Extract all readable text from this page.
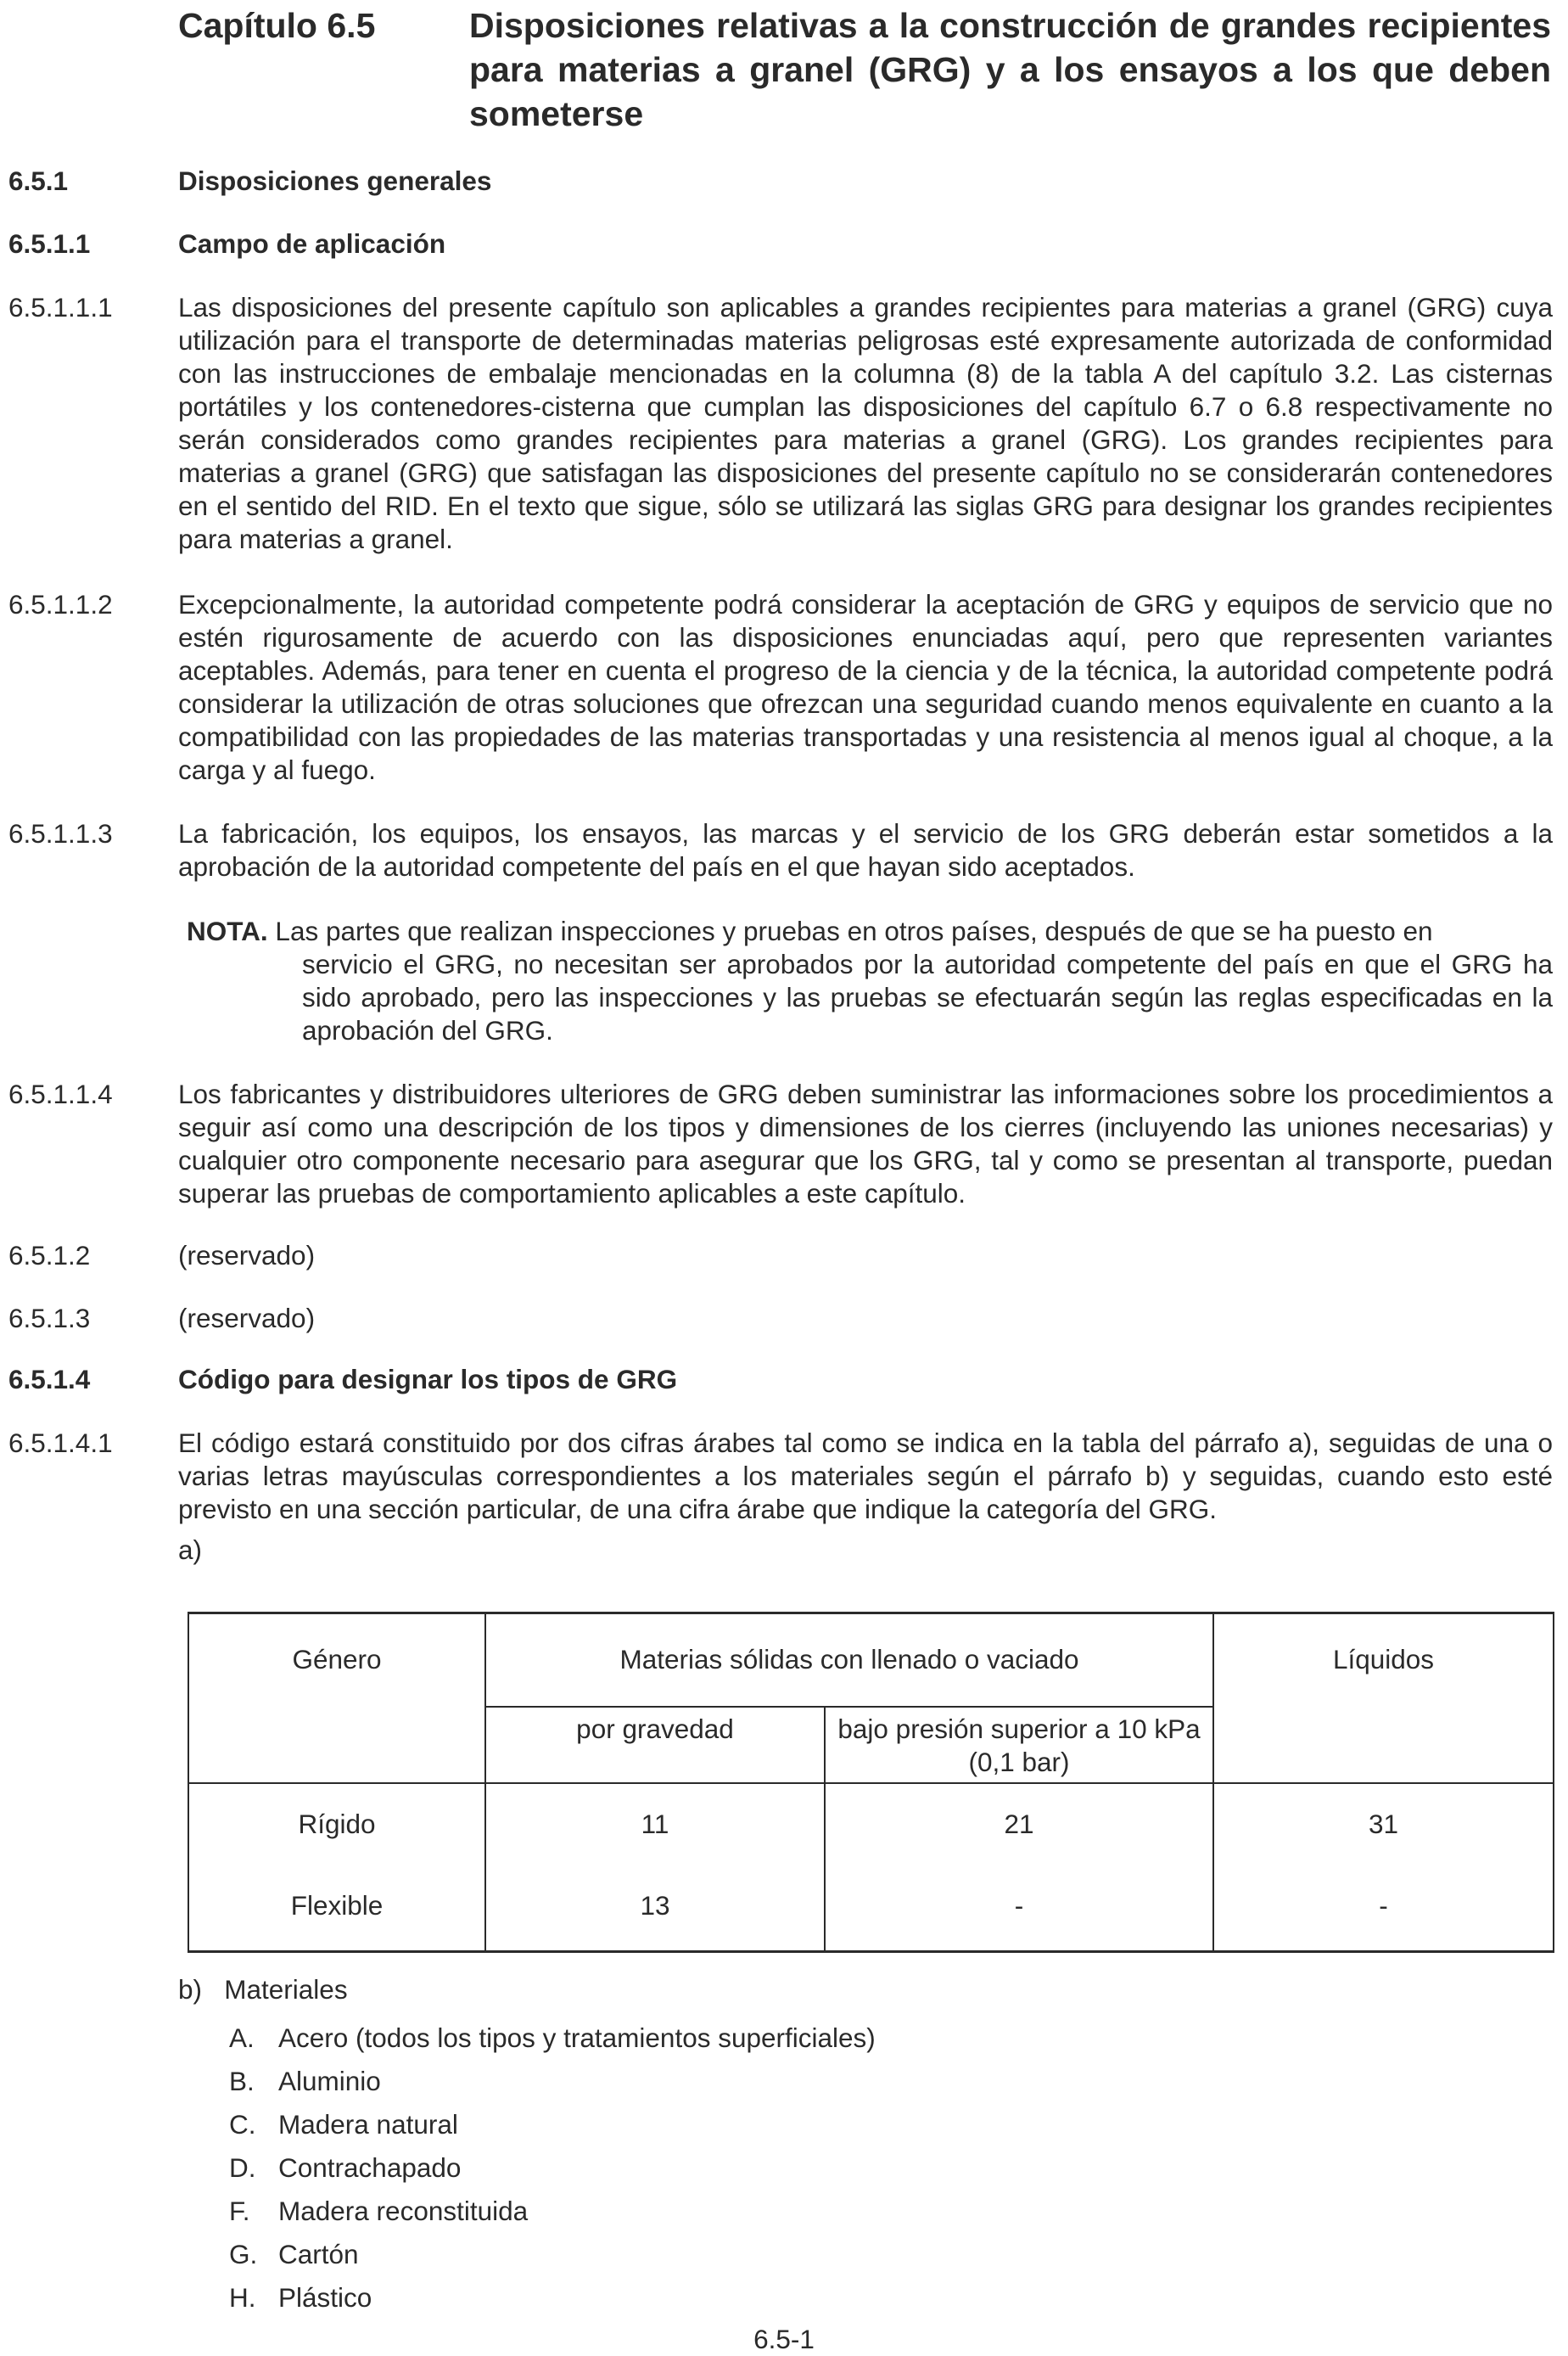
Capítulo 6.5	Disposiciones relativas a la construcción de grandes recipientes para materias a granel (GRG) y a los ensayos a los que deben someterse
6.5.1	Disposiciones generales
6.5.1.1	Campo de aplicación
6.5.1.1.1 Las disposiciones del presente capítulo son aplicables a grandes recipientes para materias a granel (GRG) cuya utilización para el transporte de determinadas materias peligrosas esté expresamente autorizada de conformidad con las instrucciones de embalaje mencionadas en la columna (8) de la tabla A del capítulo 3.2. Las cisternas portátiles y los contenedores-cisterna que cumplan las disposiciones del capítulo 6.7 o 6.8 respectivamente no serán considerados como grandes recipientes para materias a granel (GRG). Los grandes recipientes para materias a granel (GRG) que satisfagan las disposiciones del presente capítulo no se considerarán contenedores en el sentido del RID. En el texto que sigue, sólo se utilizará las siglas GRG para designar los grandes recipientes para materias a granel.
6.5.1.1.2 Excepcionalmente, la autoridad competente podrá considerar la aceptación de GRG y equipos de servicio que no estén rigurosamente de acuerdo con las disposiciones enunciadas aquí, pero que representen variantes aceptables. Además, para tener en cuenta el progreso de la ciencia y de la técnica, la autoridad competente podrá considerar la utilización de otras soluciones que ofrezcan una seguridad cuando menos equivalente en cuanto a la compatibilidad con las propiedades de las materias transportadas y una resistencia al menos igual al choque, a la carga y al fuego.
6.5.1.1.3 La fabricación, los equipos, los ensayos, las marcas y el servicio de los GRG deberán estar sometidos a la aprobación de la autoridad competente del país en el que hayan sido aceptados.
NOTA. Las partes que realizan inspecciones y pruebas en otros países, después de que se ha puesto en
servicio el GRG, no necesitan ser aprobados por la autoridad competente del país en que el GRG ha sido aprobado, pero las inspecciones y las pruebas se efectuarán según las reglas especificadas en la aprobación del GRG.
6.5.1.1.4 Los fabricantes y distribuidores ulteriores de GRG deben suministrar las informaciones sobre los procedimientos a seguir así como una descripción de los tipos y dimensiones de los cierres (incluyendo las uniones necesarias) y cualquier otro componente necesario para asegurar que los GRG, tal y como se presentan al transporte, puedan superar las pruebas de comportamiento aplicables a este capítulo.
6.5.1.2	(reservado)
6.5.1.3	(reservado)
6.5.1.4	Código para designar los tipos de GRG
6.5.1.4.1 El código estará constituido por dos cifras árabes tal como se indica en la tabla del párrafo a), seguidas de una o varias letras mayúsculas correspondientes a los materiales según el párrafo b) y seguidas, cuando esto esté previsto en una sección particular, de una cifra árabe que indique la categoría del GRG.
a)
Género	Materias sólidas con llenado o vaciado		Líquidos
	por gravedad	bajo presión superior a 10 kPa (0,1 bar)	
Rígido	11	21	31
Flexible	13	-	-
b)   Materiales
A. Acero (todos los tipos y tratamientos superficiales)
B. Aluminio
C. Madera natural
D. Contrachapado
F. Madera reconstituida
G. Cartón
H. Plástico
6.5-1
